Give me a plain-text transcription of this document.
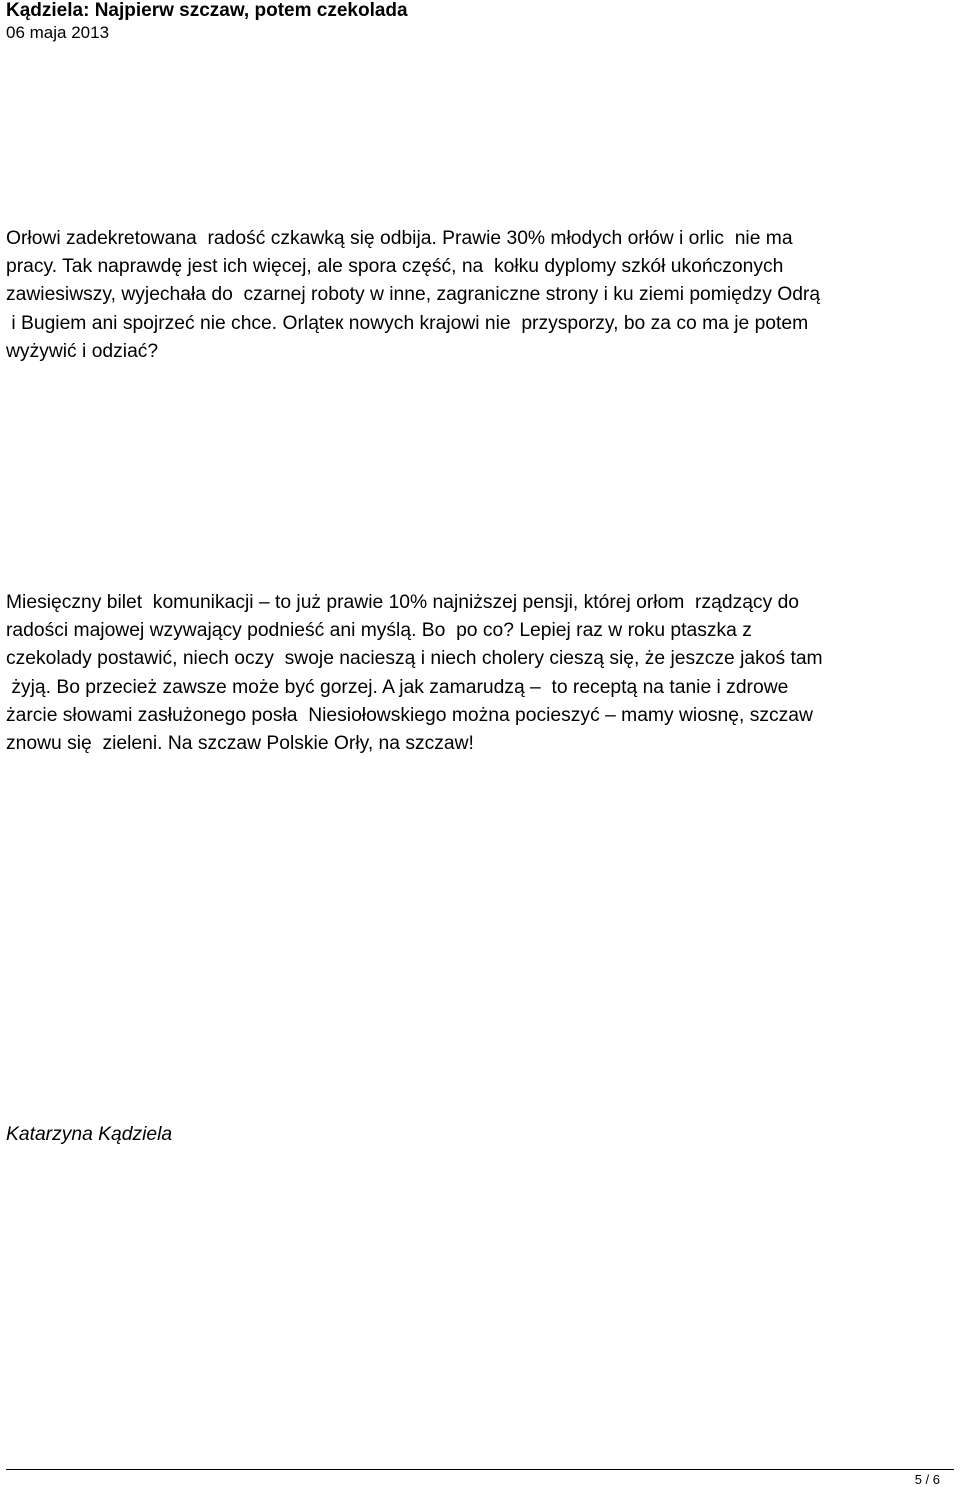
Kądziela: Najpierw szczaw, potem czekolada

06 maja 2013

Orłowi zadekretowana  radość czkawką się odbija. Prawie 30% młodych orłów i orlic  nie ma
pracy. Tak naprawdę jest ich więcej, ale spora część, na  kołku dyplomy szkół ukończonych
zawiesiwszy, wyjechała do  czarnej roboty w inne, zagraniczne strony i ku ziemi pomiędzy Odrą
i Bugiem ani spojrzeć nie chce. Orląteк nowych krajowi nie  przysporzy, bo za co ma je potem
wyżywić i odziać?
Miesięczny bilet  komunikacji – to już prawie 10% najniższej pensji, której orłom  rządzący do
radości majowej wzywający podnieść ani myślą. Bo  po co? Lepiej raz w roku ptaszka z
czekolady postawić, niech oczy  swoje nacieszą i niech cholery cieszą się, że jeszcze jakoś tam
żyją. Bo przecież zawsze może być gorzej. A jak zamarudzą –  to receptą na tanie i zdrowe
żarcie słowami zasłużonego posła  Niesiołowskiego można pocieszyć – mamy wiosnę, szczaw
znowu się  zieleni. Na szczaw Polskie Orły, na szczaw!

Katarzyna Kądziela

5 / 6
